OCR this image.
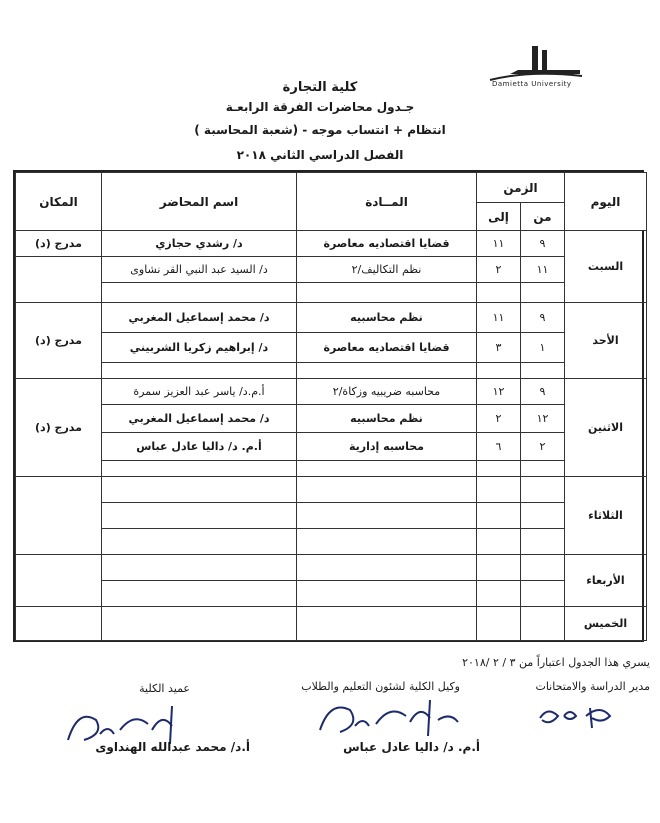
Damietta University
كلية التجارة
جـدول محاضرات الفرقة الرابعـة
انتظام + انتساب موجه - (شعبة المحاسبة )
الفصل الدراسي الثاني ٢٠١٨
اليوم	الزمن		المــادة	اسم المحاضر	المكان
	من	إلى			
السبت	٩	١١	قضايا اقتصاديه معاصرة	د/ رشدي حجازي	مدرج (د)
	١١	٢	نظم التكاليف/٢	د/ السيد عبد النبي القر نشاوى	

الأحد	٩	١١	نظم محاسبيه	د/ محمد إسماعيل المغربي	مدرج (د)
	١	٣	قضايا اقتصاديه معاصرة	د/ إبراهيم زكريا الشربيني	

الاثنين	٩	١٢	محاسبه ضريبيه وزكاة/٢	أ.م.د/ ياسر عبد العزيز سمرة	مدرج (د)
	١٢	٢	نظم محاسبيه	د/ محمد إسماعيل المغربي	
	٢	٦	محاسبه إدارية	أ.م. د/ داليا عادل عباس	

الثلاثاء					

الأربعاء					

الخميس					
يسري هذا الجدول اعتباراً من ٣ / ٢ /٢٠١٨
مدير الدراسة والامتحانات
وكيل الكلية لشئون التعليم والطلاب
عميد الكلية
أ.م. د/ داليا عادل عباس
أ.د/ محمد عبدالله الهنداوى
